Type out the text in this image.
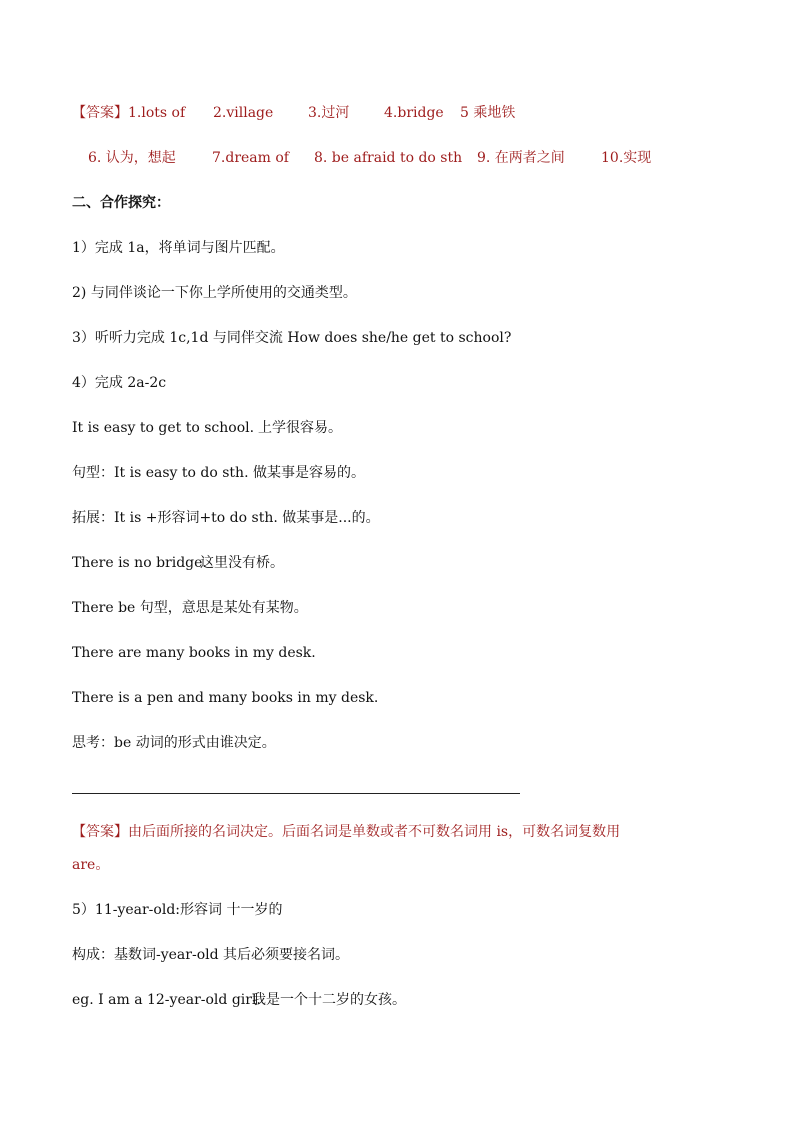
【答案】1.lots of 2.village 3.过河 4.bridge 5 乘地铁
6. 认为，想起	7.dream of 8. be afraid to do sth 9. 在两者之间	10.实现
二、合作探究：
1）完成 1a，将单词与图片匹配。
2) 与同伴谈论一下你上学所使用的交通类型。
3）听听力完成 1c,1d 与同伴交流 How does she/he get to school?
4）完成 2a-2c
It is easy to get to school. 上学很容易。
句型：It is easy to do sth. 做某事是容易的。
拓展：It is +形容词+to do sth. 做某事是...的。
There is no bridge.
这里没有桥。
There be 句型，意思是某处有某物。
There are many books in my desk.
There is a pen and many books in my desk.
思考：be 动词的形式由谁决定。
【答案】由后面所接的名词决定。后面名词是单数或者不可数名词用 is，可数名词复数用
are。
5）11-year-old:形容词 十一岁的
构成：基数词-year-old 其后必须要接名词。
eg. I am a 12-year-old girl.
我是一个十二岁的女孩。
